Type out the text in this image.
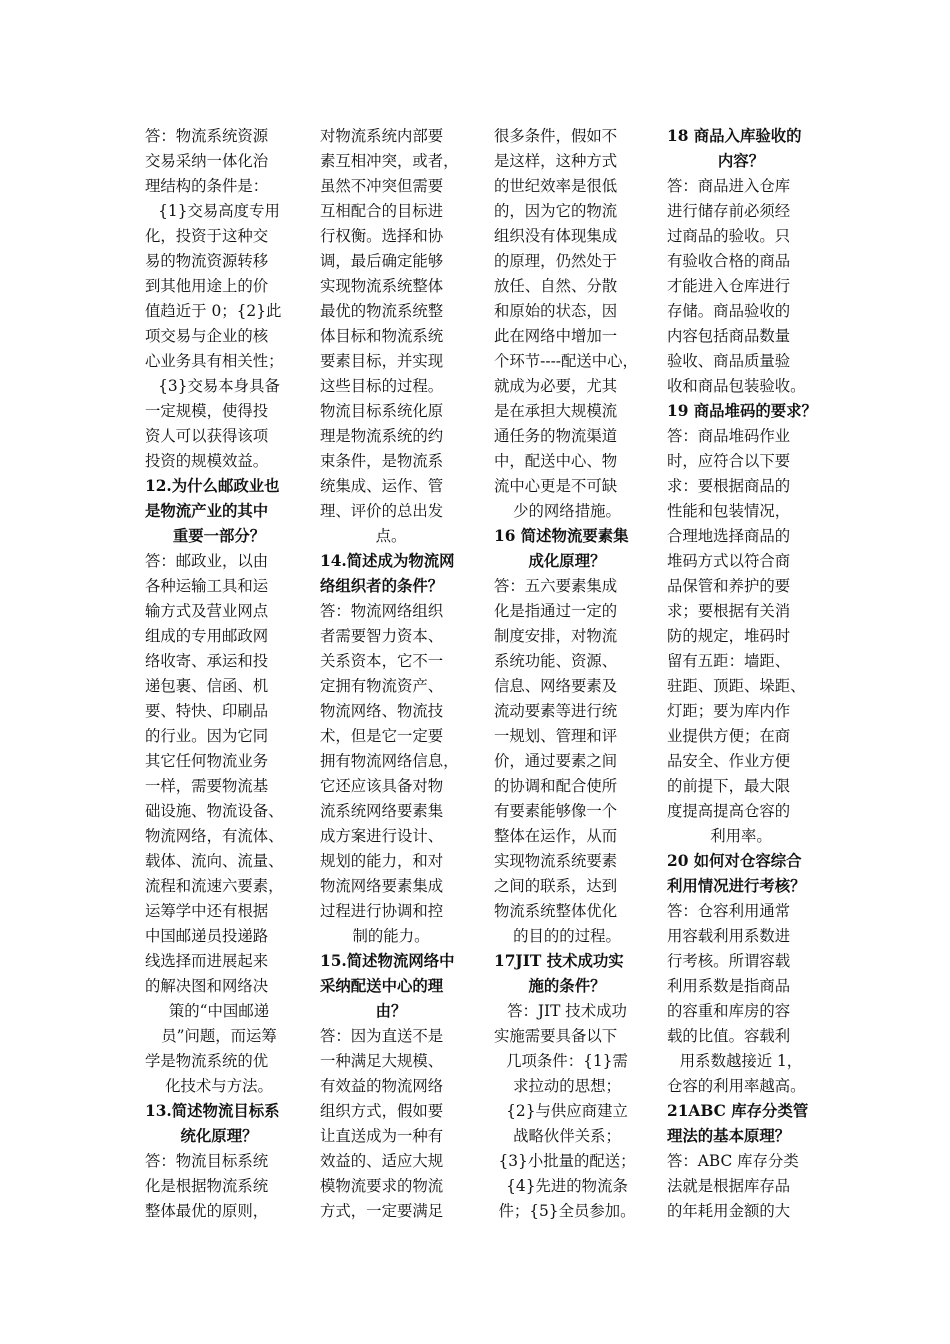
答：物流系统资源
交易采纳一体化治
理结构的条件是：
{1}交易高度专用
化，投资于这种交
易的物流资源转移
到其他用途上的价
值趋近于 0；{2}此
项交易与企业的核
心业务具有相关性；
{3}交易本身具备
一定规模，使得投
资人可以获得该项
投资的规模效益。
12.为什么邮政业也
是物流产业的其中
重要一部分？
答：邮政业，以由
各种运输工具和运
输方式及营业网点
组成的专用邮政网
络收寄、承运和投
递包裹、信函、机
要、特快、印刷品
的行业。因为它同
其它任何物流业务
一样，需要物流基
础设施、物流设备、
物流网络，有流体、
载体、流向、流量、
流程和流速六要素，
运筹学中还有根据
中国邮递员投递路
线选择而进展起来
的解决图和网络决
策的“中国邮递
员”问题，而运筹
学是物流系统的优
化技术与方法。
13.简述物流目标系
统化原理？
答：物流目标系统
化是根据物流系统
整体最优的原则，
对物流系统内部要
素互相冲突，或者，
虽然不冲突但需要
互相配合的目标进
行权衡。选择和协
调，最后确定能够
实现物流系统整体
最优的物流系统整
体目标和物流系统
要素目标，并实现
这些目标的过程。
物流目标系统化原
理是物流系统的约
束条件，是物流系
统集成、运作、管
理、评价的总出发
点。
14.简述成为物流网
络组织者的条件？
答：物流网络组织
者需要智力资本、
关系资本，它不一
定拥有物流资产、
物流网络、物流技
术，但是它一定要
拥有物流网络信息，
它还应该具备对物
流系统网络要素集
成方案进行设计、
规划的能力，和对
物流网络要素集成
过程进行协调和控
制的能力。
15.简述物流网络中
采纳配送中心的理
由？
答：因为直送不是
一种满足大规模、
有效益的物流网络
组织方式，假如要
让直送成为一种有
效益的、适应大规
模物流要求的物流
方式，一定要满足
很多条件，假如不
是这样，这种方式
的世纪效率是很低
的，因为它的物流
组织没有体现集成
的原理，仍然处于
放任、自然、分散
和原始的状态，因
此在网络中增加一
个环节----配送中心，
就成为必要，尤其
是在承担大规模流
通任务的物流渠道
中，配送中心、物
流中心更是不可缺
少的网络措施。
16 简述物流要素集
成化原理？
答：五六要素集成
化是指通过一定的
制度安排，对物流
系统功能、资源、
信息、网络要素及
流动要素等进行统
一规划、管理和评
价，通过要素之间
的协调和配合使所
有要素能够像一个
整体在运作，从而
实现物流系统要素
之间的联系，达到
物流系统整体优化
的目的的过程。
17JIT 技术成功实
施的条件？
答：JIT 技术成功
实施需要具备以下
几项条件：{1}需
求拉动的思想；
{2}与供应商建立
战略伙伴关系；
{3}小批量的配送；
{4}先进的物流条
件；{5}全员参加。
18 商品入库验收的
内容？
答：商品进入仓库
进行储存前必须经
过商品的验收。只
有验收合格的商品
才能进入仓库进行
存储。商品验收的
内容包括商品数量
验收、商品质量验
收和商品包装验收。
19 商品堆码的要求？
答：商品堆码作业
时，应符合以下要
求：要根据商品的
性能和包装情况，
合理地选择商品的
堆码方式以符合商
品保管和养护的要
求；要根据有关消
防的规定，堆码时
留有五距：墙距、
驻距、顶距、垛距、
灯距；要为库内作
业提供方便；在商
品安全、作业方便
的前提下，最大限
度提高提高仓容的
利用率。
20 如何对仓容综合
利用情况进行考核？
答：仓容利用通常
用容载利用系数进
行考核。所谓容载
利用系数是指商品
的容重和库房的容
载的比值。容载利
用系数越接近 1，
仓容的利用率越高。
21ABC 库存分类管
理法的基本原理？
答：ABC 库存分类
法就是根据库存品
的年耗用金额的大
